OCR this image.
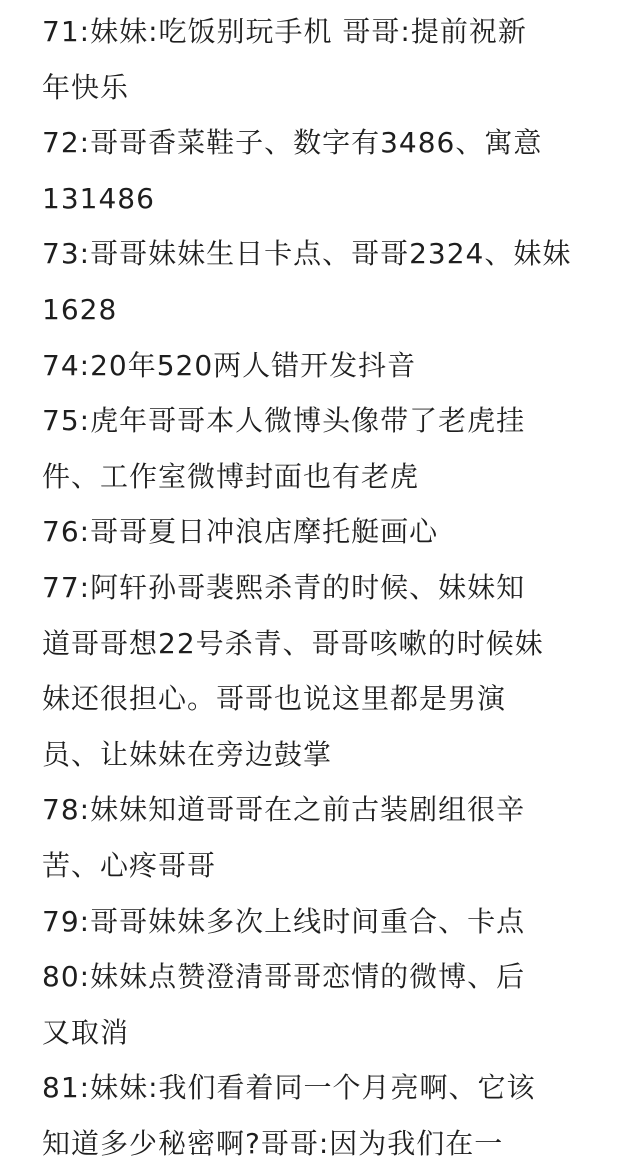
71:妹妹:吃饭别玩手机 哥哥:提前祝新
年快乐
72:哥哥香菜鞋子、数字有3486、寓意
131486
73:哥哥妹妹生日卡点、哥哥2324、妹妹
1628
74:20年520两人错开发抖音
75:虎年哥哥本人微博头像带了老虎挂
件、工作室微博封面也有老虎
76:哥哥夏日冲浪店摩托艇画心
77:阿轩孙哥裴熙杀青的时候、妹妹知
道哥哥想22号杀青、哥哥咳嗽的时候妹
妹还很担心。哥哥也说这里都是男演
员、让妹妹在旁边鼓掌
78:妹妹知道哥哥在之前古装剧组很辛
苦、心疼哥哥
79:哥哥妹妹多次上线时间重合、卡点
80:妹妹点赞澄清哥哥恋情的微博、后
又取消
81:妹妹:我们看着同一个月亮啊、它该
知道多少秘密啊?哥哥:因为我们在一
